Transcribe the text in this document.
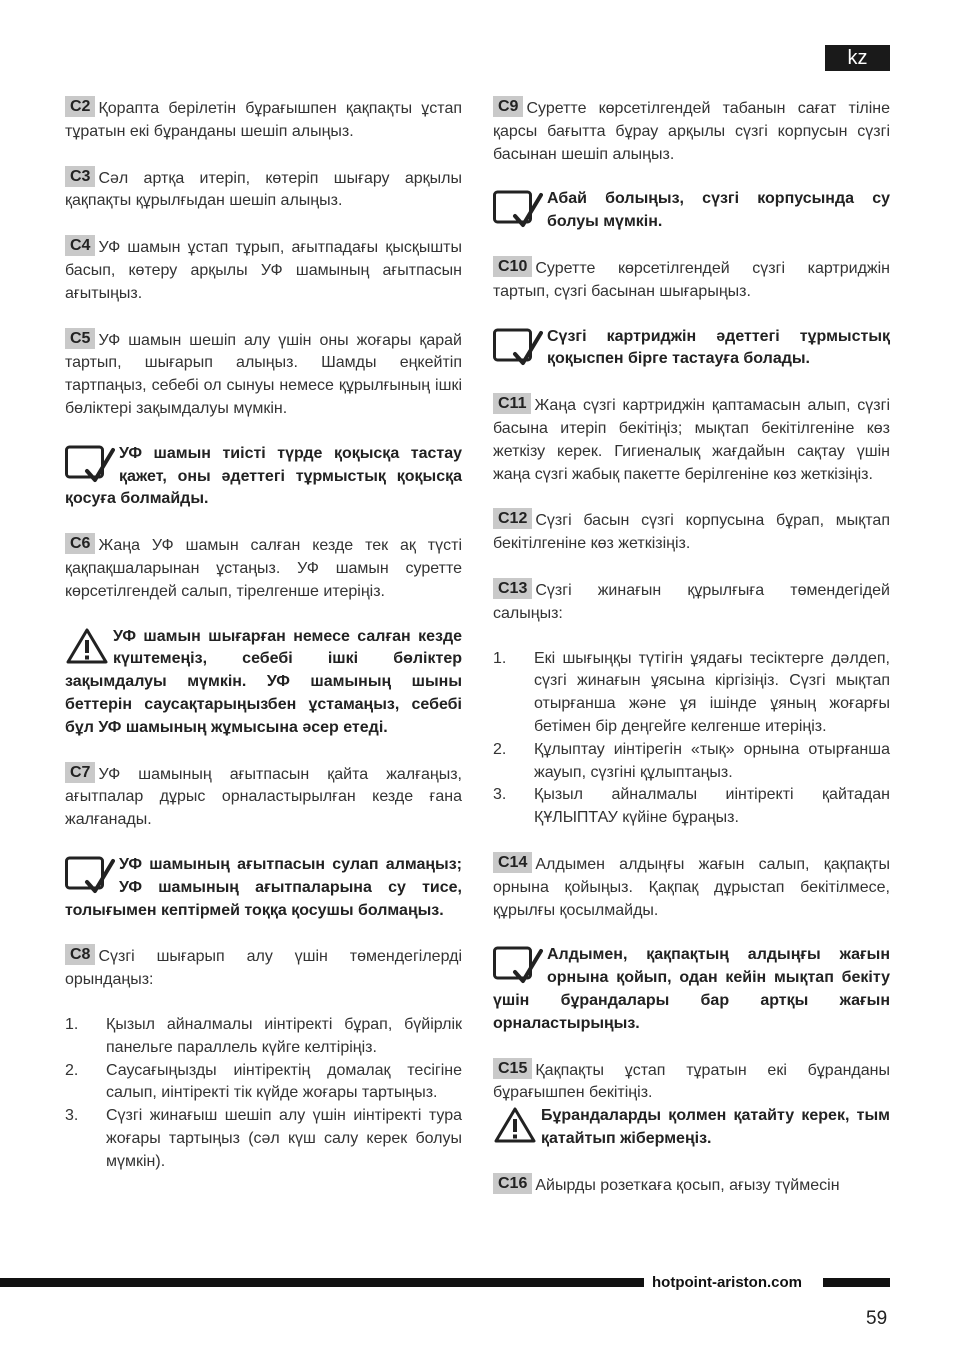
kz

C2 Қорапта берілетін бұрағышпен қақпақты ұстап тұратын екі бұранданы шешіп алыңыз.

C3 Сәл артқа итеріп, көтеріп шығару арқылы қақпақты құрылғыдан шешіп алыңыз.

C4 УФ шамын ұстап тұрып, ағытпадағы қысқышты басып, көтеру арқылы УФ шамының ағытпасын ағытыңыз.

C5 УФ шамын шешіп алу үшін оны жоғары қарай тартып, шығарып алыңыз. Шамды еңкейтіп тартпаңыз, себебі ол сынуы немесе құрылғының ішкі бөліктері зақымдалуы мүмкін.

УФ шамын тиісті түрде қоқысқа тастау қажет, оны әдеттегі тұрмыстық қоқысқа қосуға болмайды.

C6 Жаңа УФ шамын салған кезде тек ақ түсті қақпақшаларынан ұстаңыз. УФ шамын суретте көрсетілгендей салып, тірелгенше итеріңіз.

УФ шамын шығарған немесе салған кезде күштемеңіз, себебі ішкі бөліктер зақымдалуы мүмкін. УФ шамының шыны беттерін саусақтарыңызбен ұстамаңыз, себебі бұл УФ шамының жұмысына әсер етеді.

C7 УФ шамының ағытпасын қайта жалғаңыз, ағытпалар дұрыс орналастырылған кезде ғана жалғанады.

УФ шамының ағытпасын сулап алмаңыз; УФ шамының ағытпаларына су тисе, толығымен кептірмей тоққа қосушы болмаңыз.

C8 Сүзгі шығарып алу үшін төмендегілерді орындаңыз:

1. Қызыл айналмалы иінтіректі бұрап, бүйірлік панельге параллель күйге келтіріңіз.
2. Саусағыңызды иінтіректің домалақ тесігіне салып, иінтіректі тік күйде жоғары тартыңыз.
3. Сүзгі жинағыш шешіп алу үшін иінтіректі тура жоғары тартыңыз (сәл күш салу керек болуы мүмкін).

C9 Суретте көрсетілгендей табанын сағат тіліне қарсы бағытта бұрау арқылы сүзгі корпусын сүзгі басынан шешіп алыңыз.

Абай болыңыз, сүзгі корпусында су болуы мүмкін.

C10 Суретте көрсетілгендей сүзгі картриджін тартып, сүзгі басынан шығарыңыз.

Сүзгі картриджін әдеттегі тұрмыстық қоқыспен бірге тастауға болады.

C11 Жаңа сүзгі картриджін қаптамасын алып, сүзгі басына итеріп бекітіңіз; мықтап бекітілгеніне көз жеткізу керек. Гигиеналық жағдайын сақтау үшін жаңа сүзгі жабық пакетте берілгеніне көз жеткізіңіз.

C12 Сүзгі басын сүзгі корпусына бұрап, мықтап бекітілгеніне көз жеткізіңіз.

C13 Сүзгі жинағын құрылғыға төмендегідей салыңыз:

1. Екі шығыңқы түтігін ұядағы тесіктерге дәлдеп, сүзгі жинағын ұясына кіргізіңіз. Сүзгі мықтап отырғанша және ұя ішінде ұяның жоғарғы бетімен бір деңгейге келгенше итеріңіз.
2. Құлыптау иінтірегін «тық» орнына отырғанша жауып, сүзгіні құлыптаңыз.
3. Қызыл айналмалы иінтіректі қайтадан ҚҰЛЫПТАУ күйіне бұраңыз.

C14 Алдымен алдыңғы жағын салып, қақпақты орнына қойыңыз. Қақпақ дұрыстап бекітілмесе, құрылғы қосылмайды.

Алдымен, қақпақтың алдыңғы жағын орнына қойып, одан кейін мықтап бекіту үшін бұрандалары бар артқы жағын орналастырыңыз.

C15 Қақпақты ұстап тұратын екі бұранданы бұрағышпен бекітіңіз.

Бұрандаларды қолмен қатайту керек, тым қатайтып жібермеңіз.

C16 Айырды розеткаға қосып, ағызу түймесін

hotpoint-ariston.com
59
